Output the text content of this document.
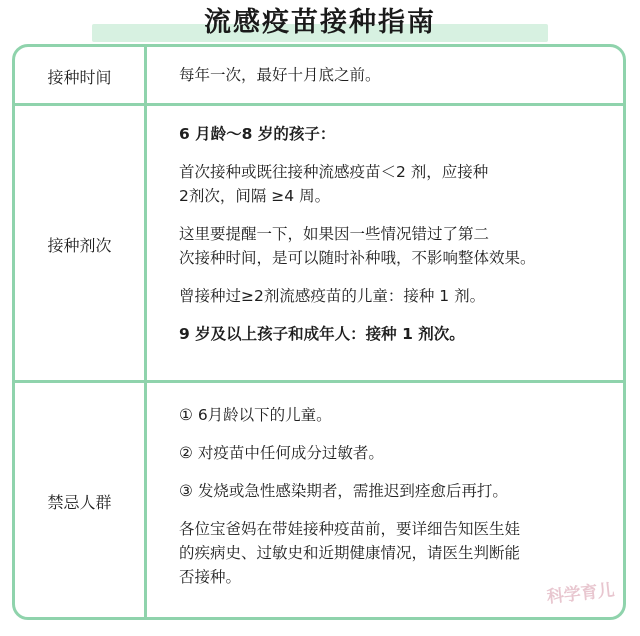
流感疫苗接种指南
接种时间	每年一次，最好十月底之前。

接种剂次

6 月龄～8 岁的孩子：

首次接种或既往接种流感疫苗＜2 剂，应接种

2剂次，间隔 ≥4 周。

这里要提醒一下，如果因一些情况错过了第二

次接种时间，是可以随时补种哦，不影响整体效果。

曾接种过≥2剂流感疫苗的儿童：接种 1 剂。

9 岁及以上孩子和成年人：接种 1 剂次。

禁忌人群

① 6月龄以下的儿童。

② 对疫苗中任何成分过敏者。

③ 发烧或急性感染期者，需推迟到痊愈后再打。

各位宝爸妈在带娃接种疫苗前，要详细告知医生娃

的疾病史、过敏史和近期健康情况，请医生判断能

否接种。

科学育儿
